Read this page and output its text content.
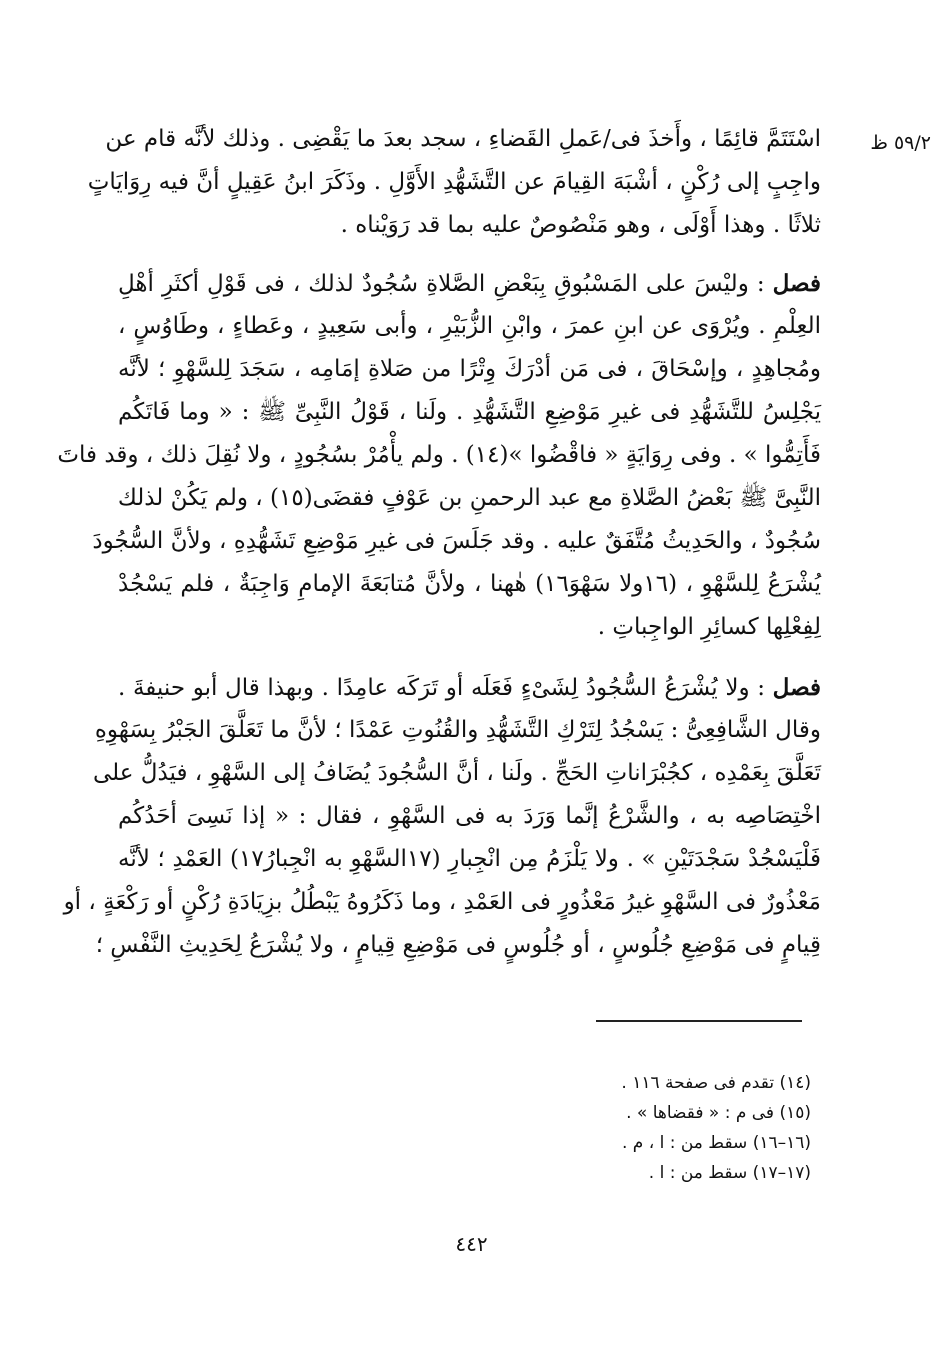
٥٩/٢ ظ
اسْتَتَمَّ قائِمًا ، وأَخذَ فى/عَملِ القَضاءِ ، سجد بعدَ ما يَقْضِى . وذلك لأنَّه قام عن
واجِبٍ إلى رُكْنٍ ، أشْبَهَ القِيامَ عن التَّشَهُّدِ الأَوَّلِ . وذَكَرَ ابنُ عَقِيلٍ أنَّ فيه رِوَايَاتٍ
ثلاثًا . وهذا أَوْلَى ، وهو مَنْصُوصٌ عليه بما قد رَوَيْناه .
فصل : وليْسَ على المَسْبُوقِ بِبَعْضِ الصَّلاةِ سُجُودٌ لذلك ، فى قَوْلِ أكثَرِ أهْلِ
العِلْمِ . ويُرْوَى عن ابنِ عمرَ ، وابْنِ الزُّبَيْرِ ، وأبى سَعِيدٍ ، وعَطاءٍ ، وطَاوُسٍ ،
ومُجاهِدٍ ، وإسْحَاقَ ، فى مَن أدْرَكَ وِتْرًا من صَلاةِ إمَامِه ، سَجَدَ لِلسَّهْوِ ؛ لأنَّه
يَجْلِسُ للتَّشَهُّدِ فى غيرِ مَوْضِعِ التَّشَهُّدِ . ولَنا ، قَوْلُ النَّبِىِّ ﷺ : « وما فَاتَكُم
فَأَتِمُّوا » . وفى رِوَايَةٍ « فاقْضُوا »(١٤) . ولم يأْمُرْ بسُجُودٍ ، ولا نُقِلَ ذلك ، وقد فاتَ
النَّبِىَّ ﷺ بَعْضُ الصَّلاةِ مع عبد الرحمنِ بن عَوْفٍ فقضَى(١٥) ، ولم يَكُنْ لذلك
سُجُودٌ ، والحَدِيثُ مُتَّفَقٌ عليه . وقد جَلَسَ فى غيرِ مَوْضِعِ تَشَهُّدِهِ ، ولأنَّ السُّجُودَ
يُشْرَعُ لِلسَّهْوِ ، (١٦ولا سَهْوَ١٦) هٰهنا ، ولأنَّ مُتابَعَةَ الإمامِ وَاجِبَةٌ ، فلم يَسْجُدْ
لِفِعْلِها كسائِرِ الواجِباتِ .
فصل : ولا يُشْرَعُ السُّجُودُ لِشَىْءٍ فَعَلَه أو تَرَكَه عامِدًا . وبهذا قال أبو حنيفةَ .
وقال الشَّافِعِىُّ : يَسْجُدُ لِتَرْكِ التَّشَهُّدِ والقُنُوتِ عَمْدًا ؛ لأنَّ ما تَعَلَّقَ الجَبْرُ بِسَهْوِهِ
تَعَلَّقَ بِعَمْدِه ، كجُبْرَاناتِ الحَجِّ . ولَنا ، أنَّ السُّجُودَ يُضَافُ إلى السَّهْوِ ، فيَدُلُّ على
اخْتِصَاصِه به ، والشَّرْعُ إنَّما وَرَدَ به فى السَّهْوِ ، فقال : « إذا نَسِىَ أحَدُكُم
فَلْيَسْجُدْ سَجْدَتَيْنِ » . ولا يَلْزَمُ مِن انْجِبارِ (١٧السَّهْوِ به انْجِبارُ١٧) العَمْدِ ؛ لأنَّه
مَعْذُورٌ فى السَّهْوِ غيرُ مَعْذُورٍ فى العَمْدِ ، وما ذَكَرُوهُ يَبْطُلُ بزِيَادَةِ رُكْنٍ أو رَكْعَةٍ ، أو
قِيامٍ فى مَوْضِعِ جُلُوسٍ ، أو جُلُوسٍ فى مَوْضِعِ قِيامٍ ، ولا يُشْرَعُ لِحَدِيثِ النَّفْسِ ؛
(١٤) تقدم فى صفحة ١١٦ .
(١٥) فى م : « فقضاها » .
(١٦–١٦) سقط من : ا ، م .
(١٧–١٧) سقط من : ا .
٤٤٢
